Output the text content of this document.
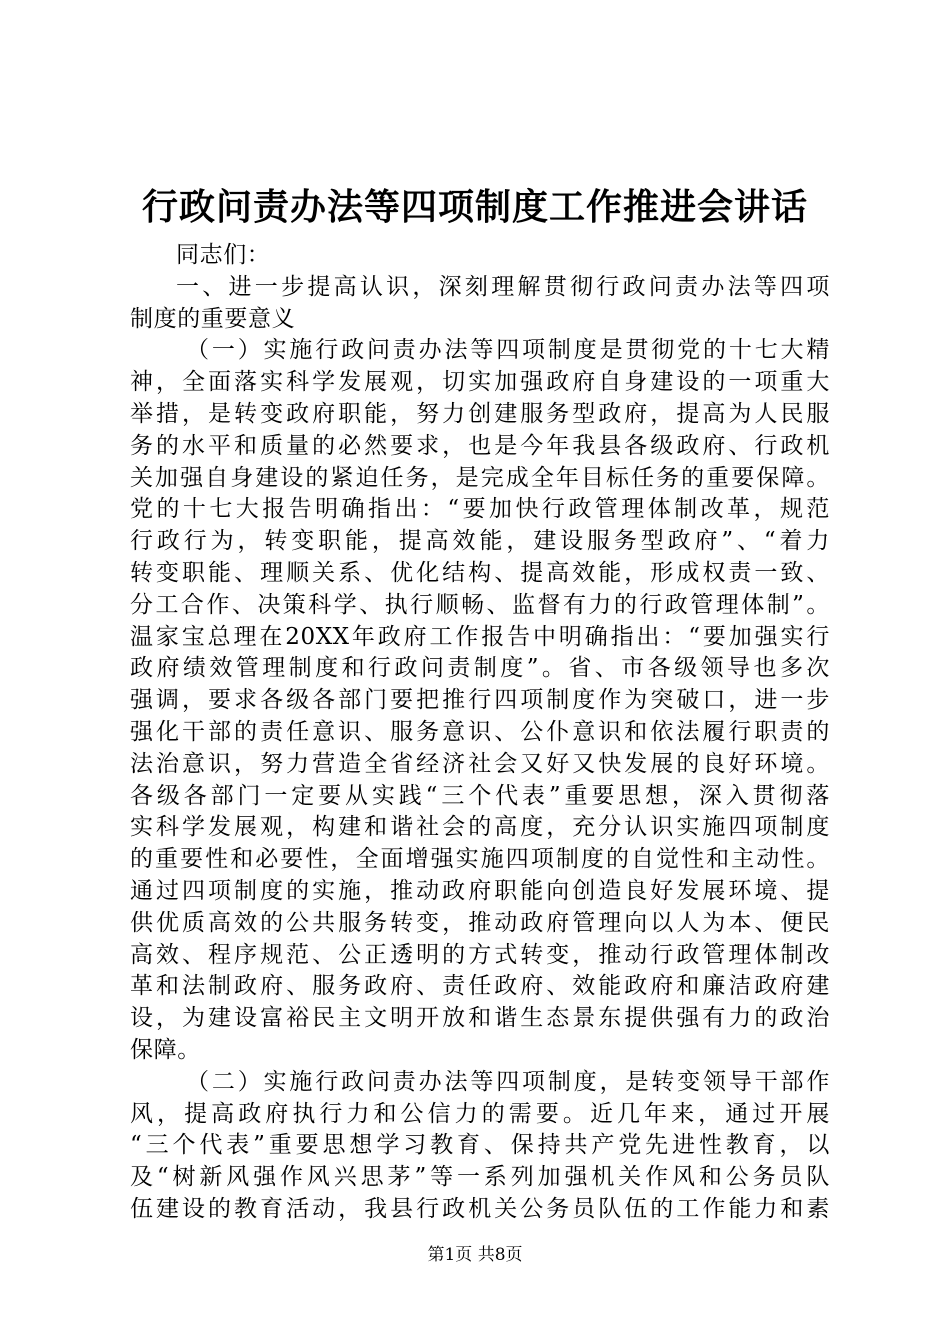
行政问责办法等四项制度工作推进会讲话
同志们：
一、进一步提高认识，深刻理解贯彻行政问责办法等四项
制度的重要意义
（一）实施行政问责办法等四项制度是贯彻党的十七大精
神，全面落实科学发展观，切实加强政府自身建设的一项重大
举措，是转变政府职能，努力创建服务型政府，提高为人民服
务的水平和质量的必然要求，也是今年我县各级政府、行政机
关加强自身建设的紧迫任务，是完成全年目标任务的重要保障。
党的十七大报告明确指出：“要加快行政管理体制改革，规范
行政行为，转变职能，提高效能，建设服务型政府”、“着力
转变职能、理顺关系、优化结构、提高效能，形成权责一致、
分工合作、决策科学、执行顺畅、监督有力的行政管理体制”。
温家宝总理在20XX年政府工作报告中明确指出：“要加强实行
政府绩效管理制度和行政问责制度”。省、市各级领导也多次
强调，要求各级各部门要把推行四项制度作为突破口，进一步
强化干部的责任意识、服务意识、公仆意识和依法履行职责的
法治意识，努力营造全省经济社会又好又快发展的良好环境。
各级各部门一定要从实践“三个代表”重要思想，深入贯彻落
实科学发展观，构建和谐社会的高度，充分认识实施四项制度
的重要性和必要性，全面增强实施四项制度的自觉性和主动性。
通过四项制度的实施，推动政府职能向创造良好发展环境、提
供优质高效的公共服务转变，推动政府管理向以人为本、便民
高效、程序规范、公正透明的方式转变，推动行政管理体制改
革和法制政府、服务政府、责任政府、效能政府和廉洁政府建
设，为建设富裕民主文明开放和谐生态景东提供强有力的政治
保障。
（二）实施行政问责办法等四项制度，是转变领导干部作
风，提高政府执行力和公信力的需要。近几年来，通过开展
“三个代表”重要思想学习教育、保持共产党先进性教育，以
及“树新风强作风兴思茅”等一系列加强机关作风和公务员队
伍建设的教育活动，我县行政机关公务员队伍的工作能力和素
第1页 共8页
